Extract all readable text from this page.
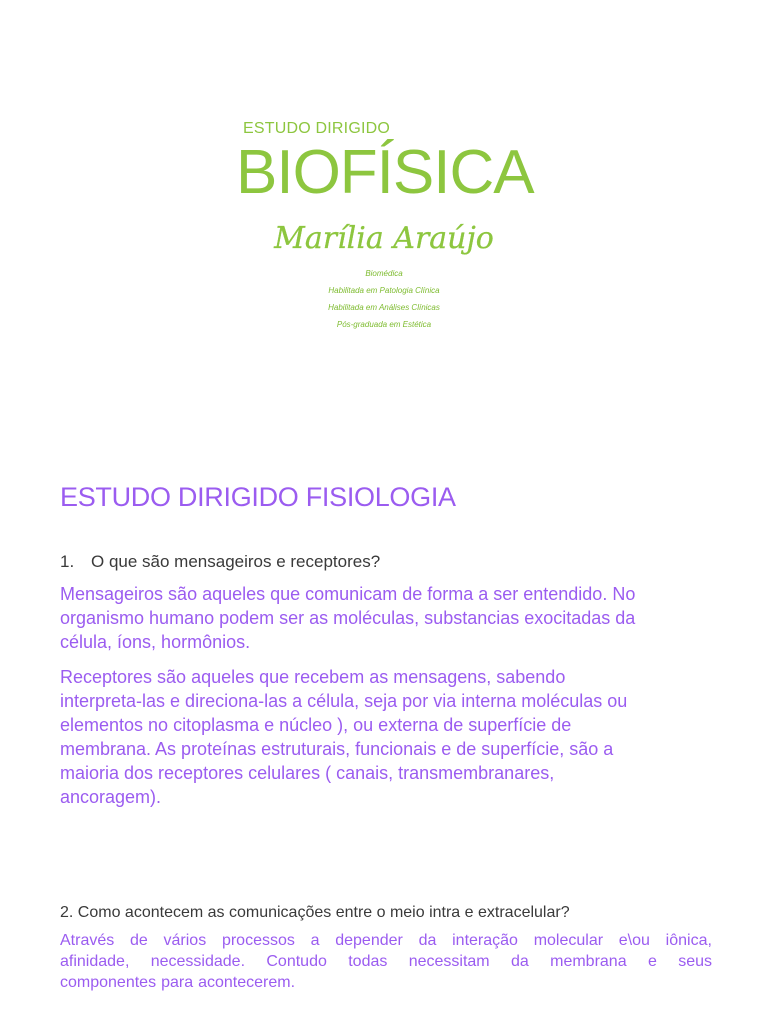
ESTUDO DIRIGIDO
BIOFÍSICA
Marília Araújo
Biomédica
Habilitada em Patologia Clínica
Habilitada em Análises Clínicas
Pós-graduada em Estética
ESTUDO DIRIGIDO FISIOLOGIA
1. O que são mensageiros e receptores?

Mensageiros são aqueles que comunicam de forma a ser entendido. No
organismo humano podem ser as moléculas, substancias exocitadas da
célula, íons, hormônios.

Receptores são aqueles que recebem as mensagens, sabendo
interpreta-las e direciona-las a célula, seja por via interna moléculas ou
elementos no citoplasma e núcleo ), ou externa de superfície de
membrana. As proteínas estruturais, funcionais e de superfície, são a
maioria dos receptores celulares ( canais, transmembranares,
ancoragem).

2. Como acontecem as comunicações entre o meio intra e extracelular?
Através de vários processos a depender da interação molecular e\ou iônica,
afinidade, necessidade. Contudo todas necessitam da membrana e seus
componentes para acontecerem.
